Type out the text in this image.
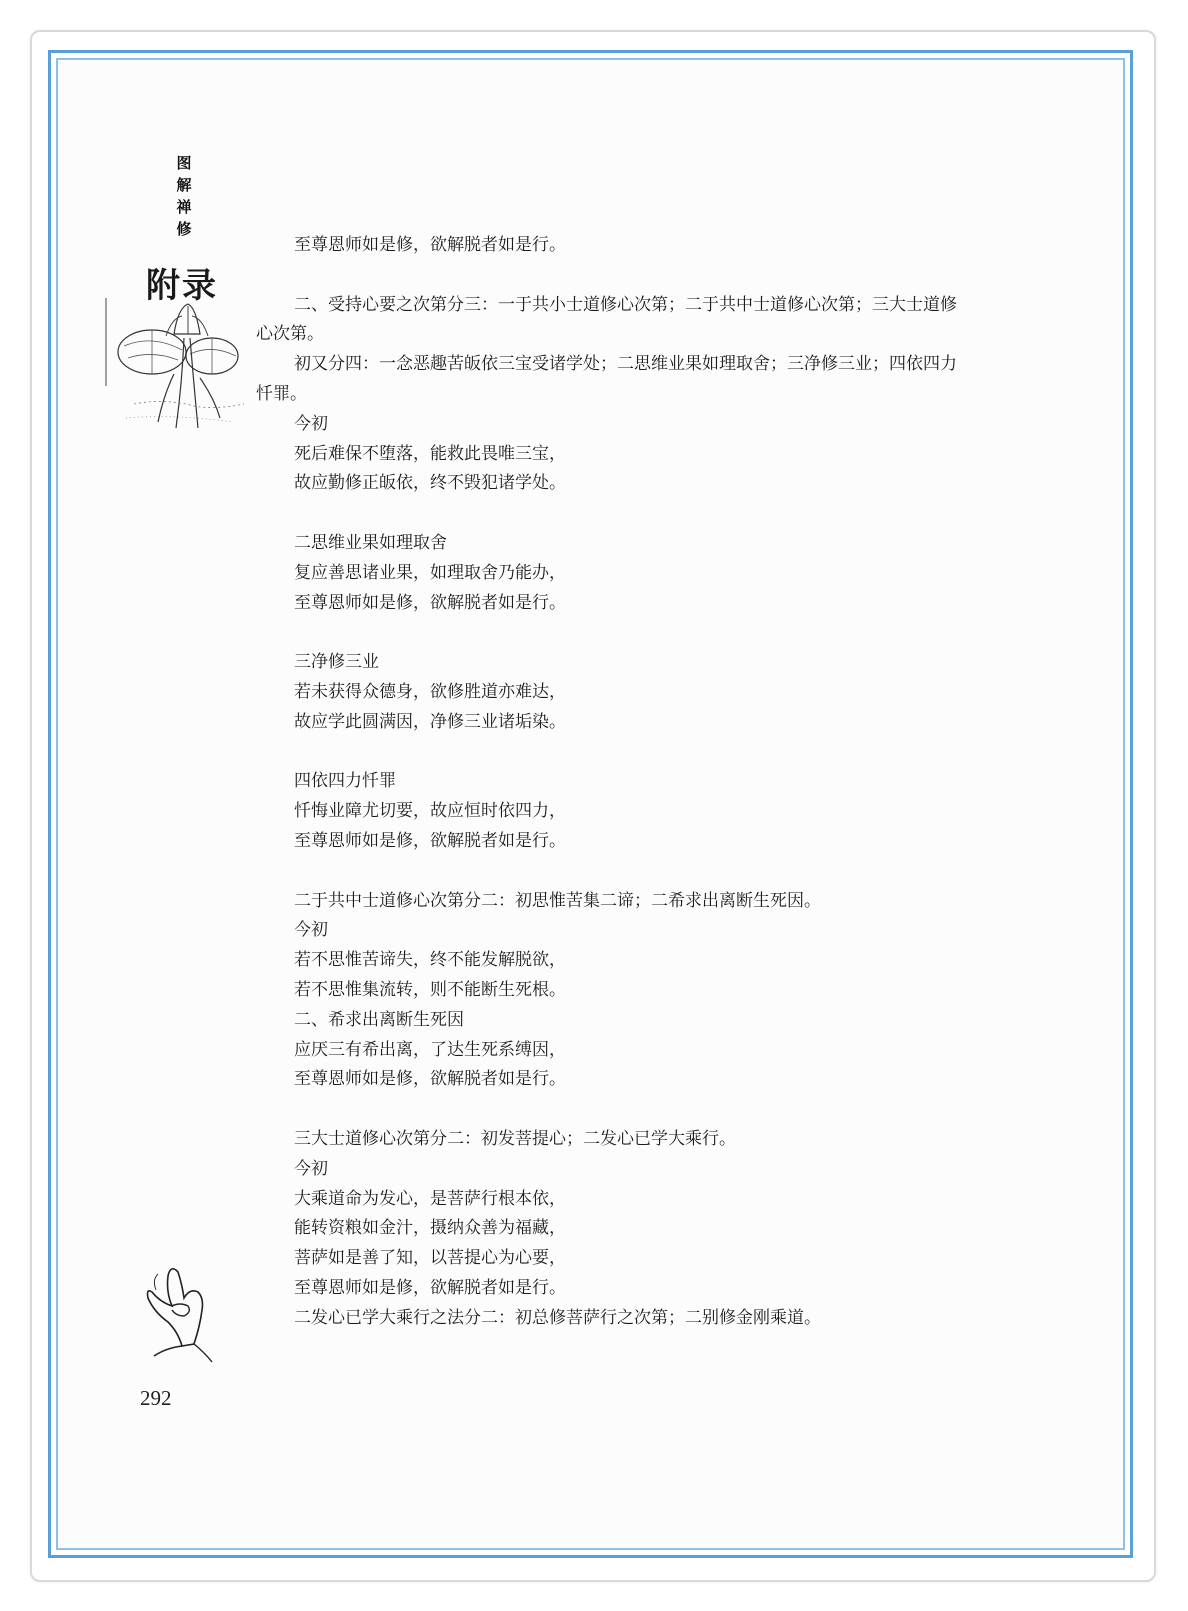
图
解
禅
修
附录
292

至尊恩师如是修，欲解脱者如是行。

二、受持心要之次第分三：一于共小士道修心次第；二于共中士道修心次第；三大士道修心次第。

初又分四：一念恶趣苦皈依三宝受诸学处；二思维业果如理取舍；三净修三业；四依四力忏罪。

今初

死后难保不堕落，能救此畏唯三宝，

故应勤修正皈依，终不毁犯诸学处。

二思维业果如理取舍

复应善思诸业果，如理取舍乃能办，

至尊恩师如是修，欲解脱者如是行。

三净修三业

若未获得众德身，欲修胜道亦难达，

故应学此圆满因，净修三业诸垢染。

四依四力忏罪

忏悔业障尤切要，故应恒时依四力，

至尊恩师如是修，欲解脱者如是行。

二于共中士道修心次第分二：初思惟苦集二谛；二希求出离断生死因。

今初

若不思惟苦谛失，终不能发解脱欲，

若不思惟集流转，则不能断生死根。

二、希求出离断生死因

应厌三有希出离，了达生死系缚因，

至尊恩师如是修，欲解脱者如是行。

三大士道修心次第分二：初发菩提心；二发心已学大乘行。

今初

大乘道命为发心，是菩萨行根本依，

能转资粮如金汁，摄纳众善为福藏，

菩萨如是善了知，以菩提心为心要，

至尊恩师如是修，欲解脱者如是行。

二发心已学大乘行之法分二：初总修菩萨行之次第；二别修金刚乘道。
